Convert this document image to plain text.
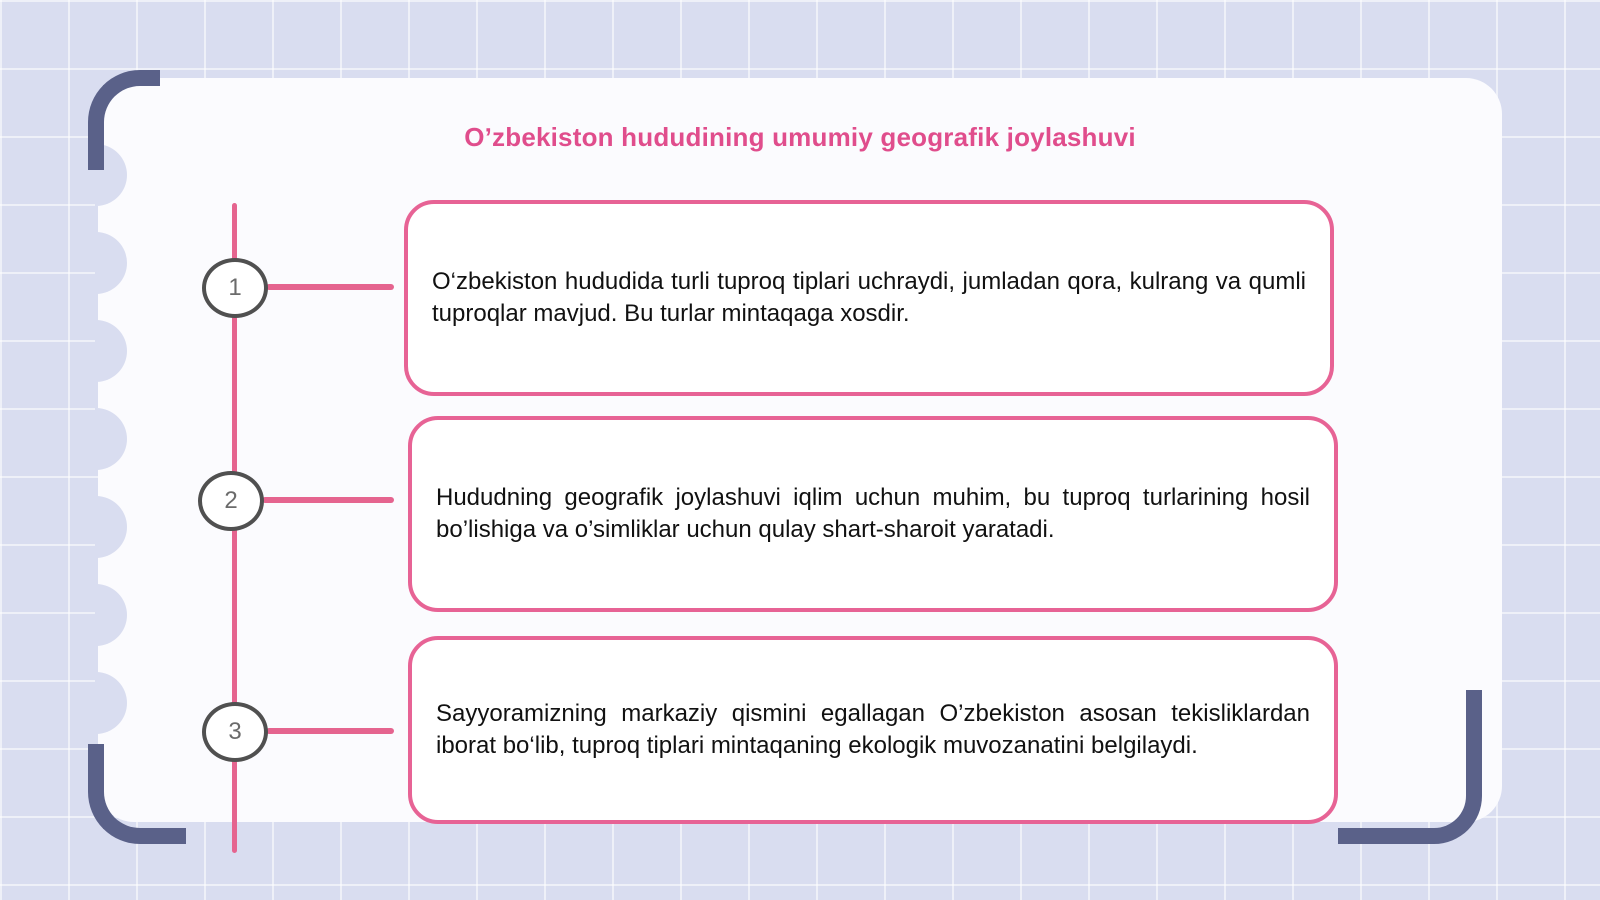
Oʼzbekiston hududining umumiy geografik joylashuvi
1	O‘zbekiston hududida turli tuproq tiplari uchraydi, jumladan qora, kulrang va qumli tuproqlar mavjud. Bu turlar mintaqaga xosdir.
2	Hududning geografik joylashuvi iqlim uchun muhim, bu tuproq turlarining hosil bo’lishiga va o’simliklar uchun qulay shart-sharoit yaratadi.
3
Sayyoramizning markaziy qismini egallagan O’zbekiston asosan tekisliklardan iborat bo‘lib, tuproq tiplari mintaqaning ekologik muvozanatini belgilaydi.
